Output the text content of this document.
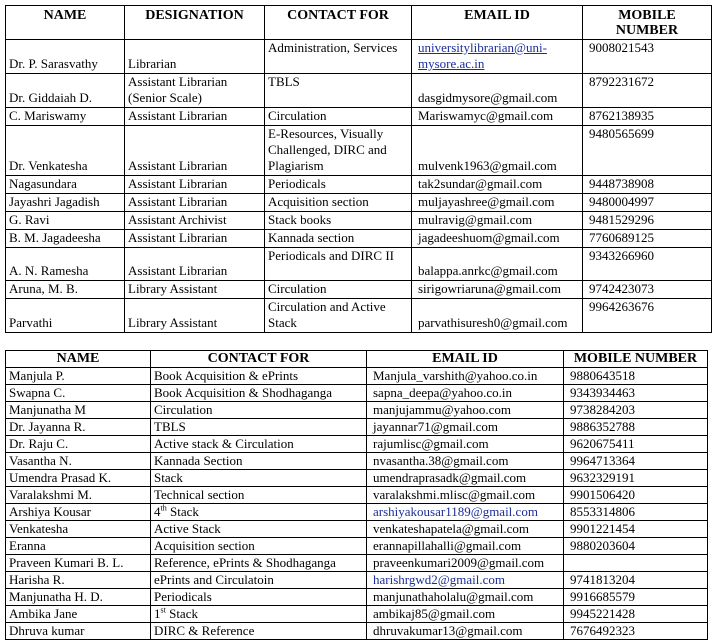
NAME	DESIGNATION	CONTACT FOR	EMAIL ID	MOBILE NUMBER
Dr. P. Sarasvathy	Librarian	Administration, Services	universitylibrarian@uni-mysore.ac.in	9008021543
Dr. Giddaiah D.	Assistant Librarian (Senior Scale)	TBLS	dasgidmysore@gmail.com	8792231672
C. Mariswamy	Assistant Librarian	Circulation	Mariswamyc@gmail.com	8762138935
Dr. Venkatesha	Assistant Librarian	E-Resources, Visually Challenged, DIRC and Plagiarism	mulvenk1963@gmail.com	9480565699
Nagasundara	Assistant Librarian	Periodicals	tak2sundar@gmail.com	9448738908
Jayashri Jagadish	Assistant Librarian	Acquisition section	muljayashree@gmail.com	9480004997
G. Ravi	Assistant Archivist	Stack books	mulravig@gmail.com	9481529296
B. M. Jagadeesha	Assistant Librarian	Kannada section	jagadeeshuom@gmail.com	7760689125
A. N. Ramesha	Assistant Librarian	Periodicals and DIRC II	balappa.anrkc@gmail.com	9343266960
Aruna, M. B.	Library Assistant	Circulation	sirigowriaruna@gmail.com	9742423073
Parvathi	Library Assistant	Circulation and Active Stack	parvathisuresh0@gmail.com	9964263676
NAME	CONTACT FOR	EMAIL ID	MOBILE NUMBER
Manjula P.	Book Acquisition & ePrints	Manjula_varshith@yahoo.co.in	9880643518
Swapna C.	Book Acquisition & Shodhaganga	sapna_deepa@yahoo.co.in	9343934463
Manjunatha M	Circulation	manjujammu@yahoo.com	9738284203
Dr. Jayanna R.	TBLS	jayannar71@gmail.com	9886352788
Dr. Raju C.	Active stack & Circulation	rajumlisc@gmail.com	9620675411
Vasantha N.	Kannada Section	nvasantha.38@gmail.com	9964713364
Umendra Prasad K.	Stack	umendraprasadk@gmail.com	9632329191
Varalakshmi M.	Technical section	varalakshmi.mlisc@gmail.com	9901506420
Arshiya Kousar	4th Stack	arshiyakousar1189@gmail.com	8553314806
Venkatesha	Active Stack	venkateshapatela@gmail.com	9901221454
Eranna	Acquisition section	erannapillahalli@gmail.com	9880203604
Praveen Kumari B. L.	Reference, ePrints & Shodhaganga	praveenkumari2009@gmail.com	
Harisha R.	ePrints and Circulatoin	harishrgwd2@gmail.com	9741813204
Manjunatha H. D.	Periodicals	manjunathaholalu@gmail.com	9916685579
Ambika Jane	1st Stack	ambikaj85@gmail.com	9945221428
Dhruva kumar	DIRC & Reference	dhruvakumar13@gmail.com	7676492323
